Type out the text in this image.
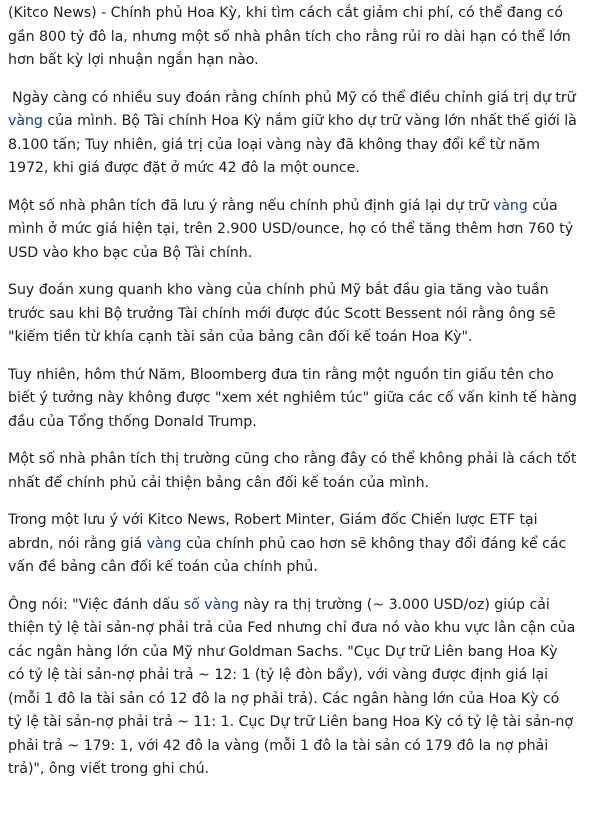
(Kitco News) - Chính phủ Hoa Kỳ, khi tìm cách cắt giảm chi phí, có thể đang có gần 800 tỷ đô la, nhưng một số nhà phân tích cho rằng rủi ro dài hạn có thể lớn hơn bất kỳ lợi nhuận ngắn hạn nào.

Ngày càng có nhiều suy đoán rằng chính phủ Mỹ có thể điều chỉnh giá trị dự trữ vàng của mình. Bộ Tài chính Hoa Kỳ nắm giữ kho dự trữ vàng lớn nhất thế giới là 8.100 tấn; Tuy nhiên, giá trị của loại vàng này đã không thay đổi kể từ năm 1972, khi giá được đặt ở mức 42 đô la một ounce.

Một số nhà phân tích đã lưu ý rằng nếu chính phủ định giá lại dự trữ vàng của mình ở mức giá hiện tại, trên 2.900 USD/ounce, họ có thể tăng thêm hơn 760 tỷ USD vào kho bạc của Bộ Tài chính.

Suy đoán xung quanh kho vàng của chính phủ Mỹ bắt đầu gia tăng vào tuần trước sau khi Bộ trưởng Tài chính mới được đúc Scott Bessent nói rằng ông sẽ "kiếm tiền từ khía cạnh tài sản của bảng cân đối kế toán Hoa Kỳ".

Tuy nhiên, hôm thứ Năm, Bloomberg đưa tin rằng một nguồn tin giấu tên cho biết ý tưởng này không được "xem xét nghiêm túc" giữa các cố vấn kinh tế hàng đầu của Tổng thống Donald Trump.

Một số nhà phân tích thị trường cũng cho rằng đây có thể không phải là cách tốt nhất để chính phủ cải thiện bảng cân đối kế toán của mình.

Trong một lưu ý với Kitco News, Robert Minter, Giám đốc Chiến lược ETF tại abrdn, nói rằng giá vàng của chính phủ cao hơn sẽ không thay đổi đáng kể các vấn đề bảng cân đối kế toán của chính phủ.

Ông nói: "Việc đánh dấu số vàng này ra thị trường (~ 3.000 USD/oz) giúp cải thiện tỷ lệ tài sản-nợ phải trả của Fed nhưng chỉ đưa nó vào khu vực lân cận của các ngân hàng lớn của Mỹ như Goldman Sachs. "Cục Dự trữ Liên bang Hoa Kỳ có tỷ lệ tài sản-nợ phải trả ~ 12: 1 (tỷ lệ đòn bẩy), với vàng được định giá lại (mỗi 1 đô la tài sản có 12 đô la nợ phải trả). Các ngân hàng lớn của Hoa Kỳ có tỷ lệ tài sản-nợ phải trả ~ 11: 1. Cục Dự trữ Liên bang Hoa Kỳ có tỷ lệ tài sản-nợ phải trả ~ 179: 1, với 42 đô la vàng (mỗi 1 đô la tài sản có 179 đô la nợ phải trả)", ông viết trong ghi chú.
